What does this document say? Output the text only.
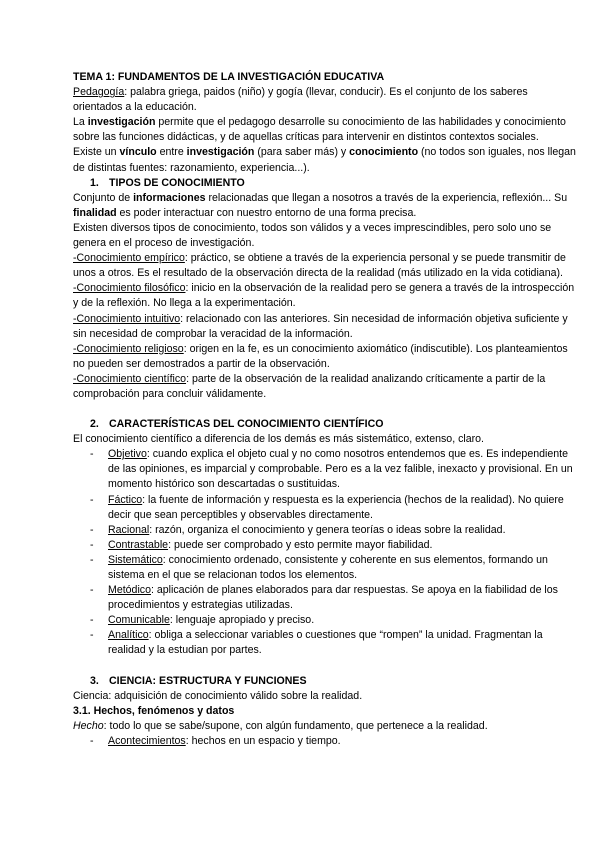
TEMA 1: FUNDAMENTOS DE LA INVESTIGACIÓN EDUCATIVA

Pedagogía: palabra griega, paidos (niño) y gogía (llevar, conducir). Es el conjunto de los saberes orientados a la educación.

La investigación permite que el pedagogo desarrolle su conocimiento de las habilidades y conocimiento sobre las funciones didácticas, y de aquellas críticas para intervenir en distintos contextos sociales.

Existe un vínculo entre investigación (para saber más) y conocimiento (no todos son iguales, nos llegan de distintas fuentes: razonamiento, experiencia...).

1. TIPOS DE CONOCIMIENTO

Conjunto de informaciones relacionadas que llegan a nosotros a través de la experiencia, reflexión... Su finalidad es poder interactuar con nuestro entorno de una forma precisa.

Existen diversos tipos de conocimiento, todos son válidos y a veces imprescindibles, pero solo uno se genera en el proceso de investigación.

-Conocimiento empírico: práctico, se obtiene a través de la experiencia personal y se puede transmitir de unos a otros. Es el resultado de la observación directa de la realidad (más utilizado en la vida cotidiana).

-Conocimiento filosófico: inicio en la observación de la realidad pero se genera a través de la introspección y de la reflexión. No llega a la experimentación.

-Conocimiento intuitivo: relacionado con las anteriores. Sin necesidad de información objetiva suficiente y sin necesidad de comprobar la veracidad de la información.

-Conocimiento religioso: origen en la fe, es un conocimiento axiomático (indiscutible). Los planteamientos no pueden ser demostrados a partir de la observación.

-Conocimiento científico: parte de la observación de la realidad analizando críticamente a partir de la comprobación para concluir válidamente.

2. CARACTERÍSTICAS DEL CONOCIMIENTO CIENTÍFICO

El conocimiento científico a diferencia de los demás es más sistemático, extenso, claro.

- Objetivo: cuando explica el objeto cual y no como nosotros entendemos que es. Es independiente de las opiniones, es imparcial y comprobable. Pero es a la vez falible, inexacto y provisional. En un momento histórico son descartadas o sustituidas.
- Fáctico: la fuente de información y respuesta es la experiencia (hechos de la realidad). No quiere decir que sean perceptibles y observables directamente.
- Racional: razón, organiza el conocimiento y genera teorías o ideas sobre la realidad.
- Contrastable: puede ser comprobado y esto permite mayor fiabilidad.
- Sistemático: conocimiento ordenado, consistente y coherente en sus elementos, formando un sistema en el que se relacionan todos los elementos.
- Metódico: aplicación de planes elaborados para dar respuestas. Se apoya en la fiabilidad de los procedimientos y estrategias utilizadas.
- Comunicable: lenguaje apropiado y preciso.
- Analítico: obliga a seleccionar variables o cuestiones que “rompen” la unidad. Fragmentan la realidad y la estudian por partes.

3. CIENCIA: ESTRUCTURA Y FUNCIONES

Ciencia: adquisición de conocimiento válido sobre la realidad.

3.1. Hechos, fenómenos y datos

Hecho: todo lo que se sabe/supone, con algún fundamento, que pertenece a la realidad.

- Acontecimientos: hechos en un espacio y tiempo.
